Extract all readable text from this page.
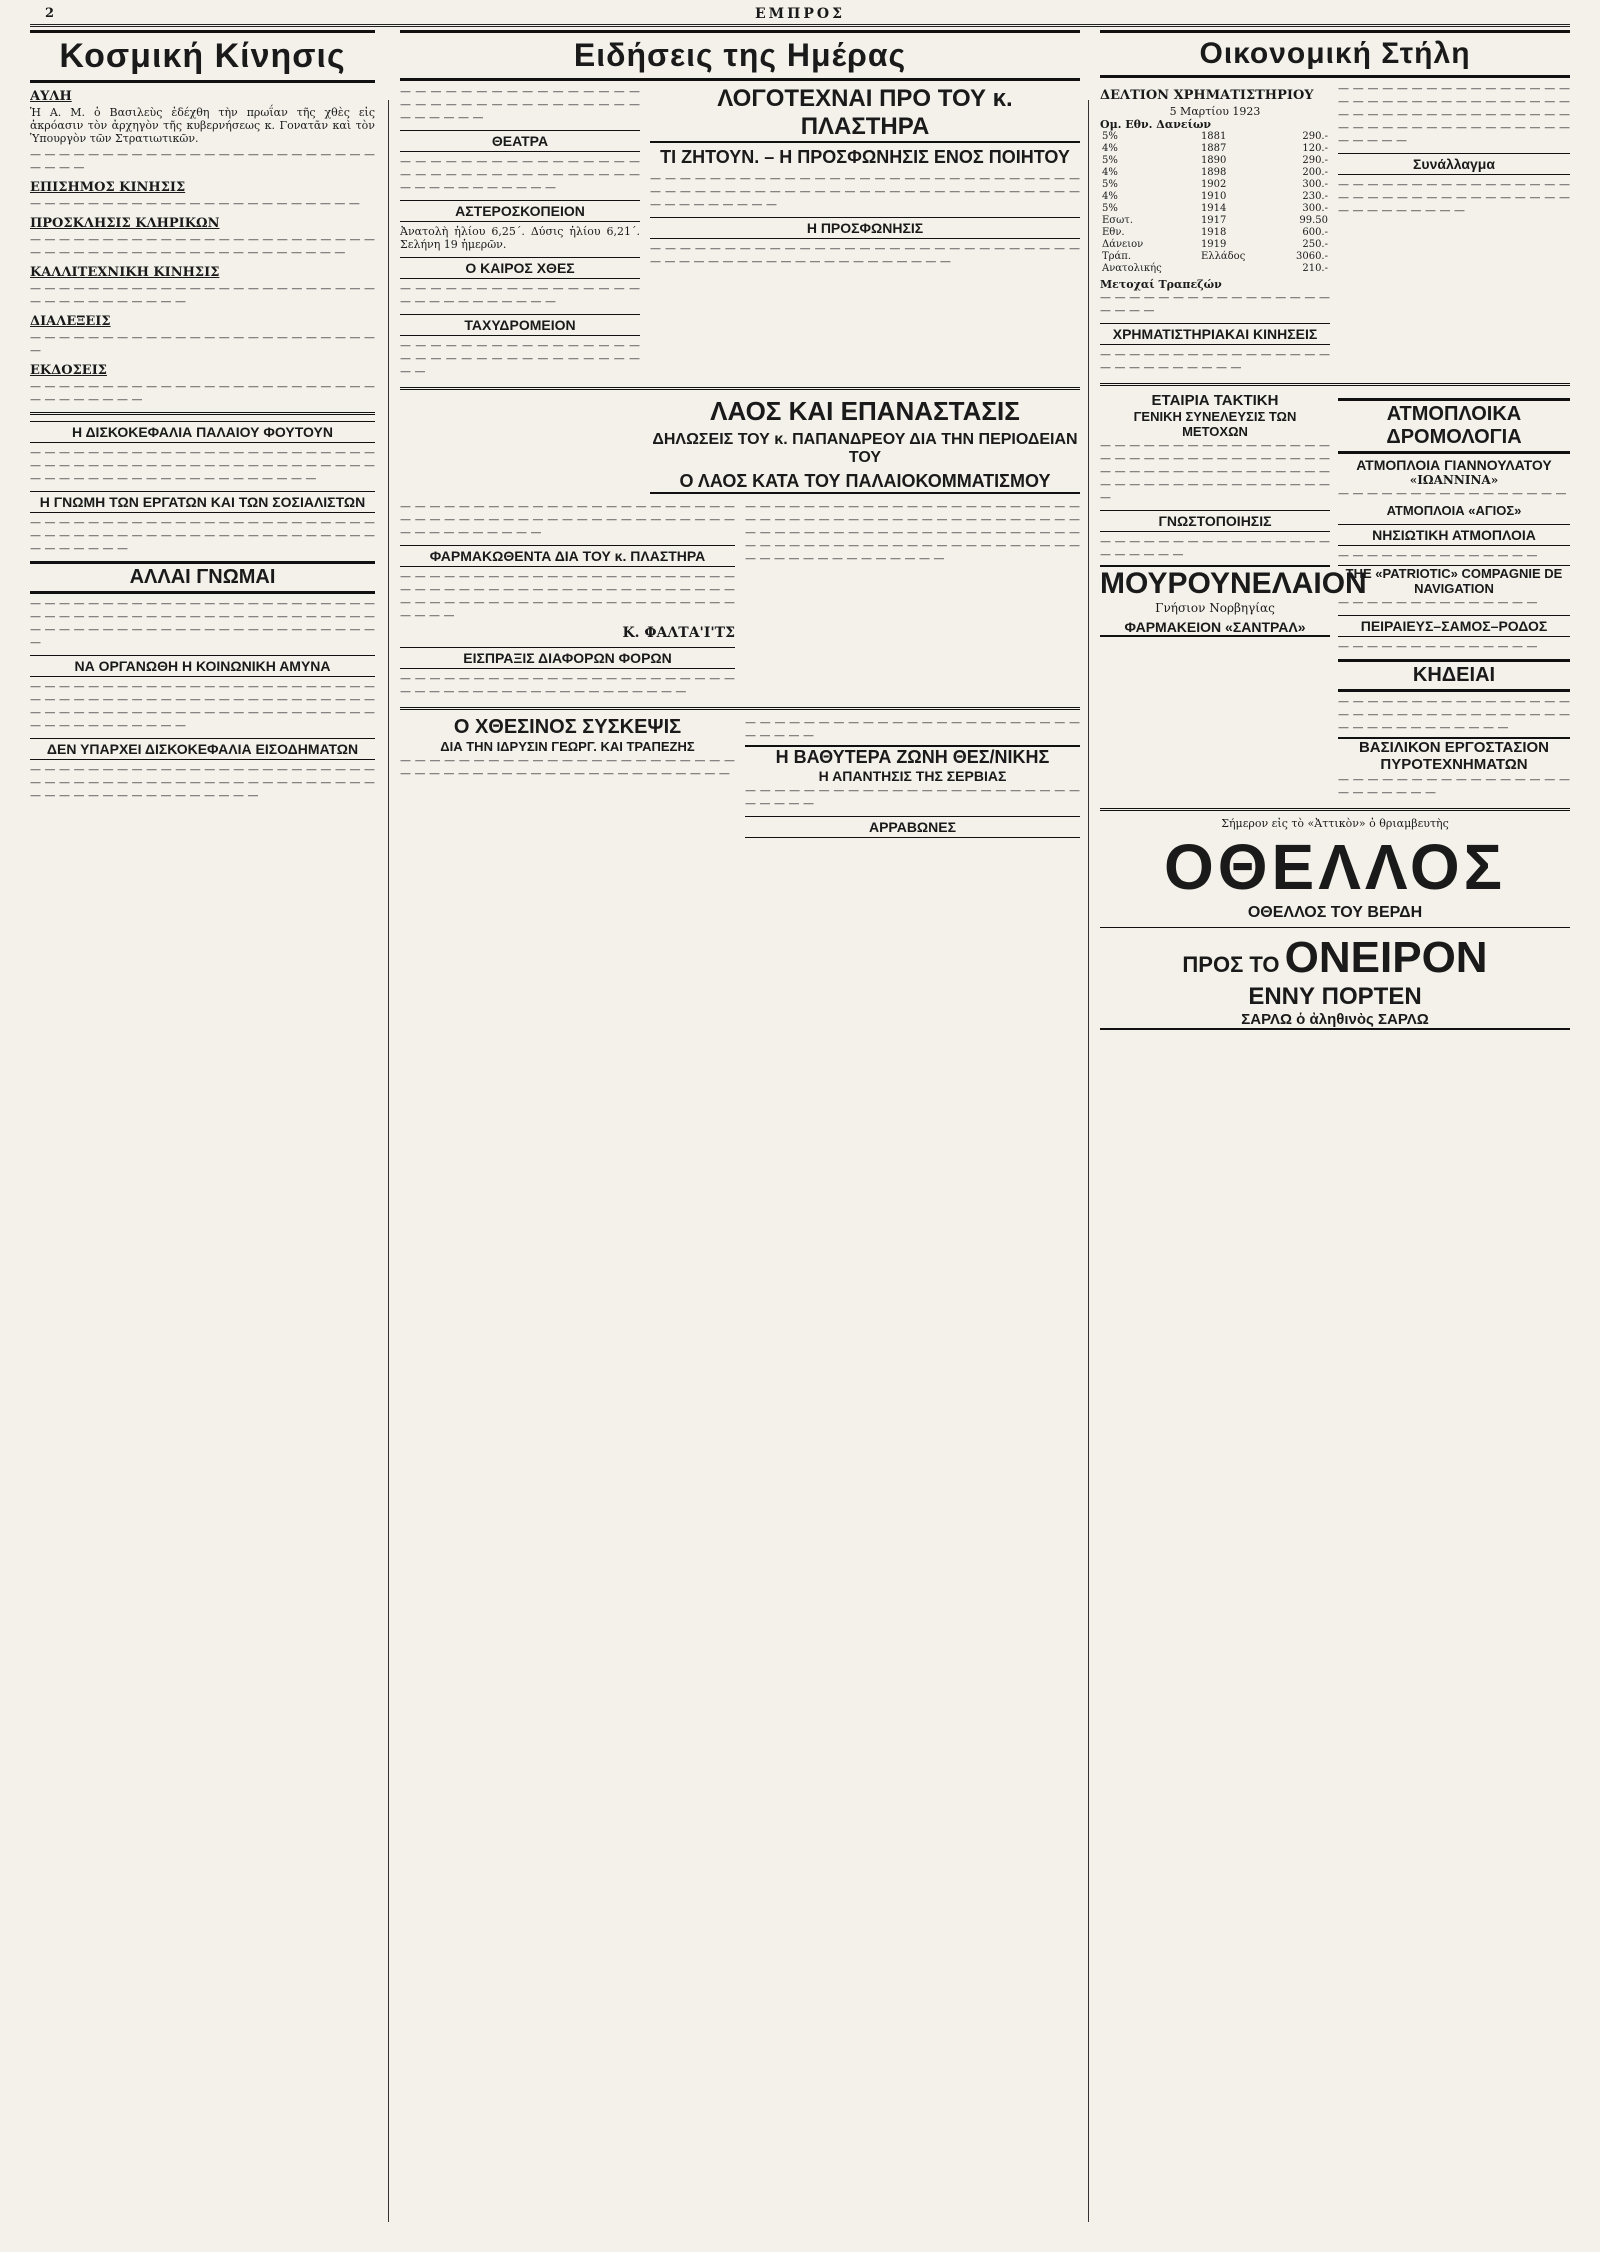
2	ΕΜΠΡΟΣ
Κοσμική Κίνησις
ΑΥΛΗ

Ἡ Α. Μ. ὁ Βασιλεὺς ἐδέχθη τὴν πρωΐαν τῆς χθὲς εἰς ἀκρόασιν τὸν ἀρχηγὸν τῆς κυβερνήσεως κ. Γονατᾶν καὶ τὸν Ὑπουργὸν τῶν Στρατιωτικῶν.

— — — — — — — — — — — — — — — — — — — — — — — — — — — —

ΕΠΙΣΗΜΟΣ ΚΙΝΗΣΙΣ

— — — — — — — — — — — — — — — — — — — — — — —

ΠΡΟΣΚΛΗΣΙΣ ΚΛΗΡΙΚΩΝ

— — — — — — — — — — — — — — — — — — — — — — — — — — — — — — — — — — — — — — — — — — — — — —

ΚΑΛΛΙΤΕΧΝΙΚΗ ΚΙΝΗΣΙΣ

— — — — — — — — — — — — — — — — — — — — — — — — — — — — — — — — — — —

ΔΙΑΛΕΞΕΙΣ

— — — — — — — — — — — — — — — — — — — — — — — — —

ΕΚΔΟΣΕΙΣ

— — — — — — — — — — — — — — — — — — — — — — — — — — — — — — — —

Η ΔΙΣΚΟΚΕΦΑΛΙΑ ΠΑΛΑΙΟΥ ΦΟΥΤΟΥΝ

— — — — — — — — — — — — — — — — — — — — — — — — — — — — — — — — — — — — — — — — — — — — — — — — — — — — — — — — — — — — — — — — — — — —

Η ΓΝΩΜΗ ΤΩΝ ΕΡΓΑΤΩΝ ΚΑΙ ΤΩΝ ΣΟΣΙΑΛΙΣΤΩΝ

— — — — — — — — — — — — — — — — — — — — — — — — — — — — — — — — — — — — — — — — — — — — — — — — — — — — — — —

ΑΛΛΑΙ ΓΝΩΜΑΙ

— — — — — — — — — — — — — — — — — — — — — — — — — — — — — — — — — — — — — — — — — — — — — — — — — — — — — — — — — — — — — — — — — — — — — — — — —

ΝΑ ΟΡΓΑΝΩΘΗ Η ΚΟΙΝΩΝΙΚΗ ΑΜΥΝΑ

— — — — — — — — — — — — — — — — — — — — — — — — — — — — — — — — — — — — — — — — — — — — — — — — — — — — — — — — — — — — — — — — — — — — — — — — — — — — — — — — — — —

ΔΕΝ ΥΠΑΡΧΕΙ ΔΙΣΚΟΚΕΦΑΛΙΑ ΕΙΣΟΔΗΜΑΤΩΝ

— — — — — — — — — — — — — — — — — — — — — — — — — — — — — — — — — — — — — — — — — — — — — — — — — — — — — — — — — — — — — — — —

Ειδήσεις της Ημέρας

— — — — — — — — — — — — — — — — — — — — — — — — — — — — — — — — — — — — — —

ΘΕΑΤΡΑ

— — — — — — — — — — — — — — — — — — — — — — — — — — — — — — — — — — — — — — — — — — —

ΑΣΤΕΡΟΣΚΟΠΕΙΟΝ

Ἀνατολὴ ἡλίου 6,25΄. Δύσις ἡλίου 6,21΄. Σελήνη 19 ἡμερῶν.

Ο ΚΑΙΡΟΣ ΧΘΕΣ

— — — — — — — — — — — — — — — — — — — — — — — — — — —

ΤΑΧΥΔΡΟΜΕΙΟΝ

— — — — — — — — — — — — — — — — — — — — — — — — — — — — — — — — — —

ΛΟΓΟΤΕΧΝΑΙ ΠΡΟ ΤΟΥ κ. ΠΛΑΣΤΗΡΑ
ΤΙ ΖΗΤΟΥΝ. – Η ΠΡΟΣΦΩΝΗΣΙΣ ΕΝΟΣ ΠΟΙΗΤΟΥ

— — — — — — — — — — — — — — — — — — — — — — — — — — — — — — — — — — — — — — — — — — — — — — — — — — — — — — — — — — — — — — — — — — —

Η ΠΡΟΣΦΩΝΗΣΙΣ

— — — — — — — — — — — — — — — — — — — — — — — — — — — — — — — — — — — — — — — — — — — — — — — — — —

ΛΑΟΣ ΚΑΙ ΕΠΑΝΑΣΤΑΣΙΣ
ΔΗΛΩΣΕΙΣ ΤΟΥ κ. ΠΑΠΑΝΔΡΕΟΥ ΔΙΑ ΤΗΝ ΠΕΡΙΟΔΕΙΑΝ ΤΟΥ
Ο ΛΑΟΣ ΚΑΤΑ ΤΟΥ ΠΑΛΑΙΟΚΟΜΜΑΤΙΣΜΟΥ

— — — — — — — — — — — — — — — — — — — — — — — — — — — — — — — — — — — — — — — — — — — — — — — — — — — — — — — —

ΦΑΡΜΑΚΩΘΕΝΤΑ ΔΙΑ ΤΟΥ κ. ΠΛΑΣΤΗΡΑ

— — — — — — — — — — — — — — — — — — — — — — — — — — — — — — — — — — — — — — — — — — — — — — — — — — — — — — — — — — — — — — — — — — — — — — — — —

Κ. ΦΑΛΤΑ'Ι'ΤΣ
ΕΙΣΠΡΑΞΙΣ ΔΙΑΦΟΡΩΝ ΦΟΡΩΝ

— — — — — — — — — — — — — — — — — — — — — — — — — — — — — — — — — — — — — — — — — — —

— — — — — — — — — — — — — — — — — — — — — — — — — — — — — — — — — — — — — — — — — — — — — — — — — — — — — — — — — — — — — — — — — — — — — — — — — — — — — — — — — — — — — — — — — — — — — — — — — — — — — — — — — —

Ο ΧΘΕΣΙΝΟΣ ΣΥΣΚΕΨΙΣ
ΔΙΑ ΤΗΝ ΙΔΡΥΣΙΝ ΓΕΩΡΓ. ΚΑΙ ΤΡΑΠΕΖΗΣ

— — — — — — — — — — — — — — — — — — — — — — — — — — — — — — — — — — — — — — — — — — — — — —

— — — — — — — — — — — — — — — — — — — — — — — — — — — —

Η ΒΑΘΥΤΕΡΑ ΖΩΝΗ ΘΕΣ/ΝΙΚΗΣ
Η ΑΠΑΝΤΗΣΙΣ ΤΗΣ ΣΕΡΒΙΑΣ

— — — — — — — — — — — — — — — — — — — — — — — — — — — —

ΑΡΡΑΒΩΝΕΣ
Οικονομική Στήλη
ΔΕΛΤΙΟΝ ΧΡΗΜΑΤΙΣΤΗΡΙΟΥ
5 Μαρτίου 1923
Ομ. Εθν. Δανείων
5%	1881	290.-
4%	1887	120.-
5%	1890	290.-
4%	1898	200.-
5%	1902	300.-
4%	1910	230.-
5%	1914	300.-
Εσωτ.	1917	99.50
Εθν.	1918	600.-
Δάνειον	1919	250.-
Τράπ.	Ελλάδος	3060.-
Ανατολικής		210.-
Μετοχαί Τραπεζών

— — — — — — — — — — — — — — — — — — — —

ΧΡΗΜΑΤΙΣΤΗΡΙΑΚΑΙ ΚΙΝΗΣΕΙΣ

— — — — — — — — — — — — — — — — — — — — — — — — — —

— — — — — — — — — — — — — — — — — — — — — — — — — — — — — — — — — — — — — — — — — — — — — — — — — — — — — — — — — — — — — — — — — — — — —

Συνάλλαγμα

— — — — — — — — — — — — — — — — — — — — — — — — — — — — — — — — — — — — — — — — —

ΕΤΑΙΡΙΑ ΤΑΚΤΙΚΗ
ΓΕΝΙΚΗ ΣΥΝΕΛΕΥΣΙΣ ΤΩΝ ΜΕΤΟΧΩΝ

— — — — — — — — — — — — — — — — — — — — — — — — — — — — — — — — — — — — — — — — — — — — — — — — — — — — — — — — — — — — — — — — —

ΓΝΩΣΤΟΠΟΙΗΣΙΣ

— — — — — — — — — — — — — — — — — — — — — —

ΜΟΥΡΟΥΝΕΛΑΙΟΝ
Γνήσιον Νορβηγίας
ΦΑΡΜΑΚΕΙΟΝ «ΣΑΝΤΡΑΛ»
ΑΤΜΟΠΛΟΙΚΑ ΔΡΟΜΟΛΟΓΙΑ
ΑΤΜΟΠΛΟΙΑ ΓΙΑΝΝΟΥΛΑΤΟΥ
«ΙΩΑΝΝΙΝΑ»

— — — — — — — — — — — — — — — —

ΑΤΜΟΠΛΟΙΑ «ΑΓΙΟΣ»
ΝΗΣΙΩΤΙΚΗ ΑΤΜΟΠΛΟΙΑ

— — — — — — — — — — — — — —

THE «PATRIOTIC» COMPAGNIE DE NAVIGATION

— — — — — — — — — — — — — —

ΠΕΙΡΑΙΕΥΣ–ΣΑΜΟΣ–ΡΟΔΟΣ

— — — — — — — — — — — — — —

ΚΗΔΕΙΑΙ

— — — — — — — — — — — — — — — — — — — — — — — — — — — — — — — — — — — — — — — — — — — —

ΒΑΣΙΛΙΚΟΝ ΕΡΓΟΣΤΑΣΙΟΝ ΠΥΡΟΤΕΧΝΗΜΑΤΩΝ

— — — — — — — — — — — — — — — — — — — — — — —

Σήμερον εἰς τὸ «Ἀττικὸν» ὁ θριαμβευτὴς
ΟΘΕΛΛΟΣ
ΟΘΕΛΛΟΣ ΤΟΥ ΒΕΡΔΗ
ΠΡΟΣ ΤΟ ΟΝΕΙΡΟΝ
ΕΝΝΥ ΠΟΡΤΕΝ
ΣΑΡΛΩ ὁ ἀληθινὸς ΣΑΡΛΩ
